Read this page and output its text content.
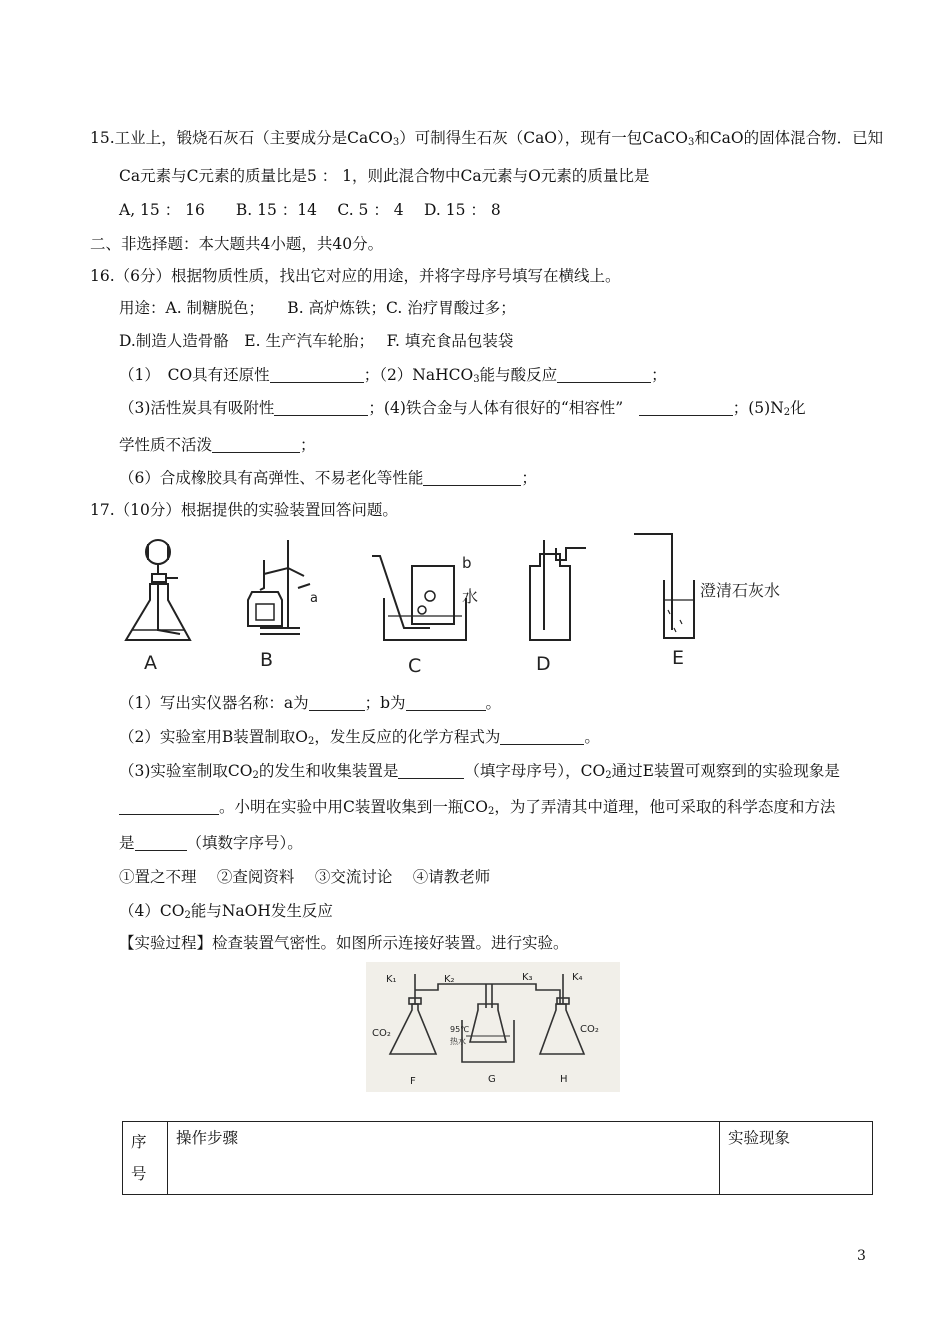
15.工业上，锻烧石灰石（主要成分是CaCO$_3$）可制得生石灰（CaO），现有一包CaCO$_3$和CaO的固体混合物．已知
Ca元素与C元素的质量比是5 ： 1，则此混合物中Ca元素与O元素的质量比是
A, 15 ： 16　　B. 15 ：14　 C. 5 ： 4　 D. 15 ： 8
二、非选择题：本大题共4小题，共40分。
16.（6分）根据物质性质，找出它对应的用途，并将字母序号填写在横线上。
用途：A. 制糖脱色；　　B. 高炉炼铁；C. 治疗胃酸过多；
D.制造人造骨骼　E. 生产汽车轮胎；　 F. 填充食品包装袋
（1）　CO具有还原性	；（2）NaHCO$_3$能与酸反应	；
（3)活性炭具有吸附性	；(4)铁合金与人体有很好的“相容性”　	；$(5)N_2$化
学性质不活泼	；
（6）合成橡胶具有高弹性、不易老化等性能	；
17.（10分）根据提供的实验装置回答问题。
A
a
B
b
水
C	D
澄清石灰水
E
（1）写出实仪器名称：a为	；b为	。
（2）实验室用B装置制取$O_2$，发生反应的化学方程式为	。
（3)实验室制取$CO_2$的发生和收集装置是	（填字母序号），$CO_2$通过E装置可观察到的实验现象是
。小明在实验中用C装置收集到一瓶$CO_2$，为了弄清其中道理，他可采取的科学态度和方法
是	（填数字序号）。
①置之不理　 ②查阅资料　 ③交流讨论　 ④请教老师
$(4)CO_2$能与NaOH发生反应
【实验过程】检查装置气密性。如图所示连接好装置。进行实验。
K₁	K₂	K₃	K₄
CO₂	CO₂
95℃
热水
F	G	H
序号	操作步骤	实验现象
3
